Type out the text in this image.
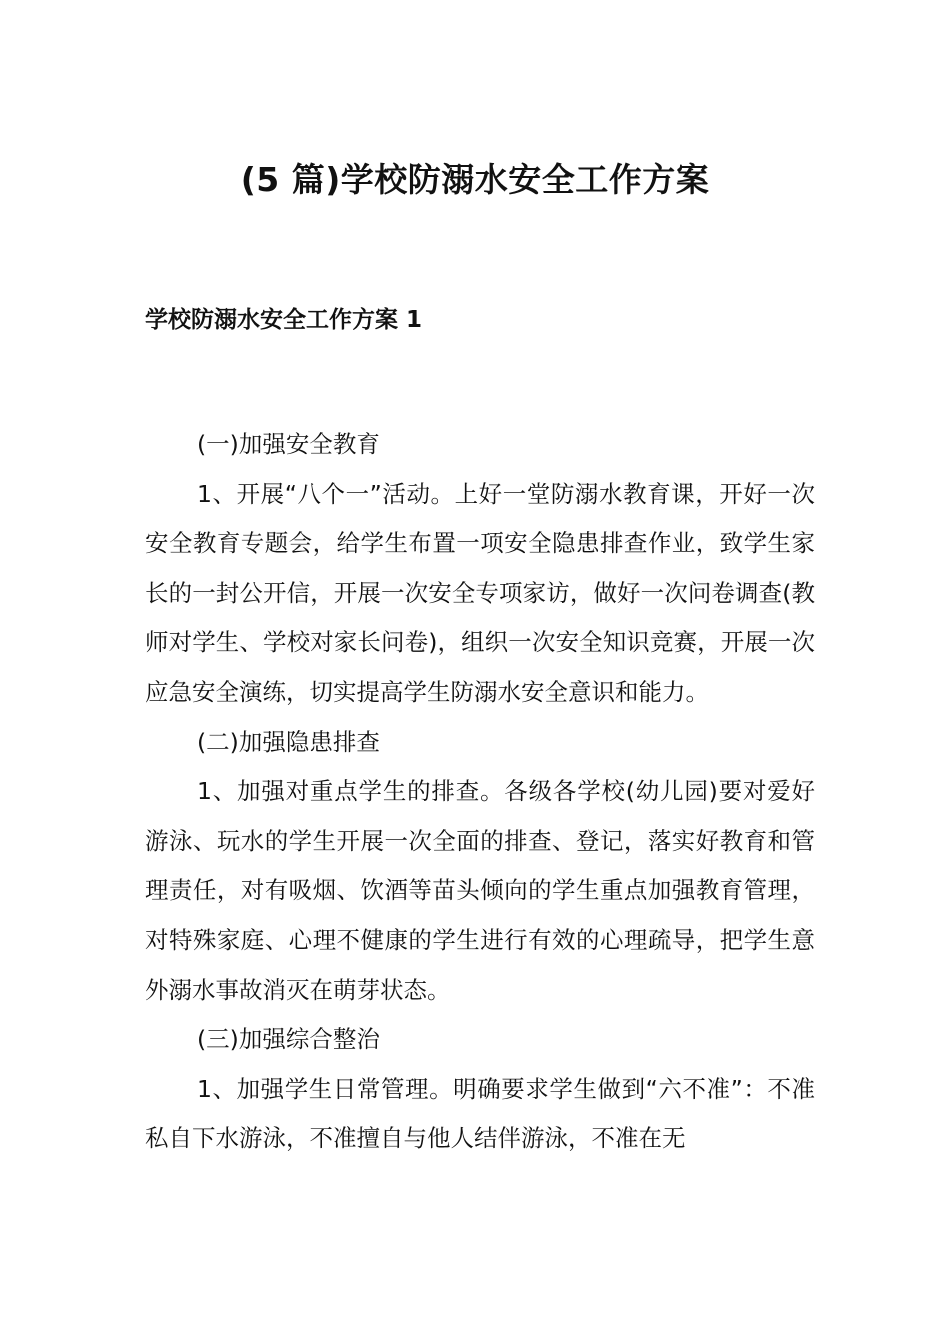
(5 篇)学校防溺水安全工作方案
学校防溺水安全工作方案 1

(一)加强安全教育

1、开展“八个一”活动。上好一堂防溺水教育课，开好一次安全教育专题会，给学生布置一项安全隐患排查作业，致学生家长的一封公开信，开展一次安全专项家访，做好一次问卷调查(教师对学生、学校对家长问卷)，组织一次安全知识竞赛，开展一次应急安全演练，切实提高学生防溺水安全意识和能力。

(二)加强隐患排查

1、加强对重点学生的排查。各级各学校(幼儿园)要对爱好游泳、玩水的学生开展一次全面的排查、登记，落实好教育和管理责任，对有吸烟、饮酒等苗头倾向的学生重点加强教育管理，对特殊家庭、心理不健康的学生进行有效的心理疏导，把学生意外溺水事故消灭在萌芽状态。

(三)加强综合整治

1、加强学生日常管理。明确要求学生做到“六不准”：不准私自下水游泳，不准擅自与他人结伴游泳，不准在无
